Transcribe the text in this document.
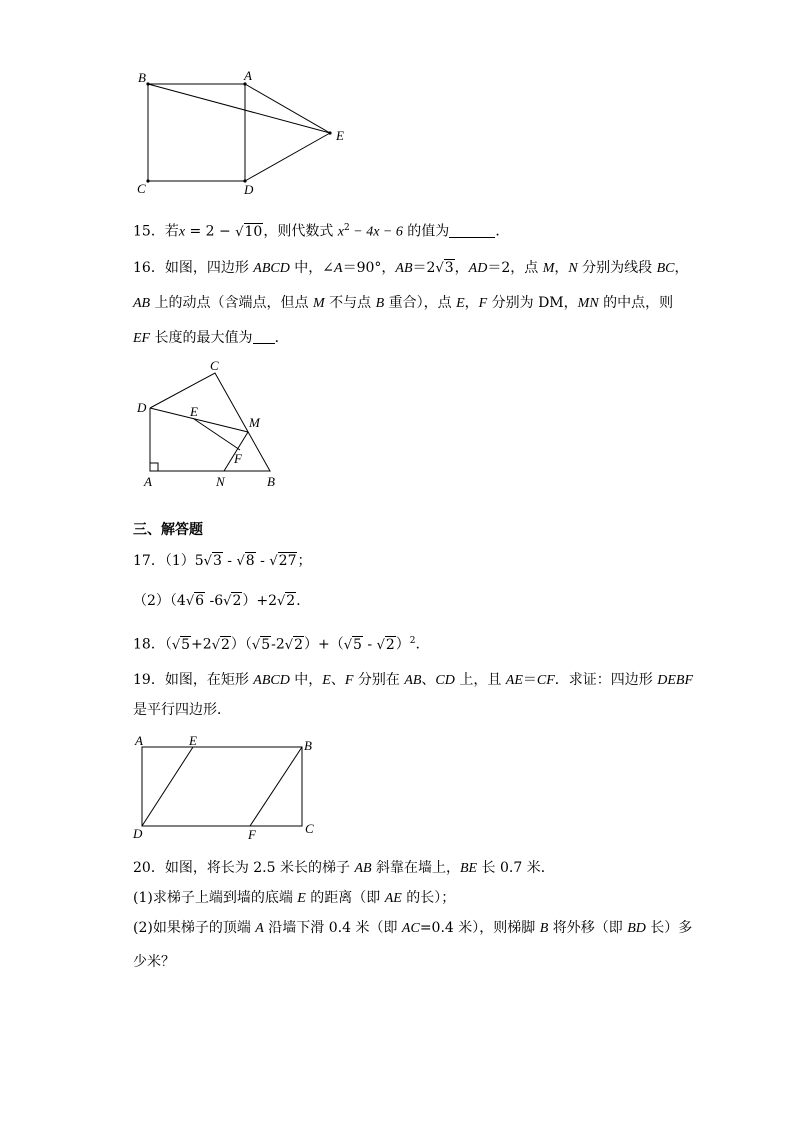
B	A
E
C	D
15．若x = 2 − √10，则代数式 $x^2 - 4x - 6$ 的值为	．
16．如图，四边形 ABCD 中，∠A＝90°，AB＝2√3，AD＝2，点 M，N 分别为线段 BC，
AB 上的动点（含端点，但点 M 不与点 B 重合），点 E，F 分别为 DM，MN 的中点，则
EF 长度的最大值为 ．
C
D	E
M
F
A	N	B
三、解答题
17．（1）5√3 - √8 - √27；
（2）（4√6 -6√2）+2√2．
18．（√5+2√2）（√5-2√2）+（√5 - √2）$^2$.
19．如图，在矩形 ABCD 中，E、F 分别在 AB、CD 上，且 AE＝CF．求证：四边形 DEBF
是平行四边形．
A	E	B
D	F	C
20．如图，将长为 2.5 米长的梯子 AB 斜靠在墙上，BE 长 0.7 米．
(1)求梯子上端到墙的底端 E 的距离（即 AE 的长）；
(2)如果梯子的顶端 A 沿墙下滑 0.4 米（即 AC=0.4 米），则梯脚 B 将外移（即 BD 长）多
少米？
